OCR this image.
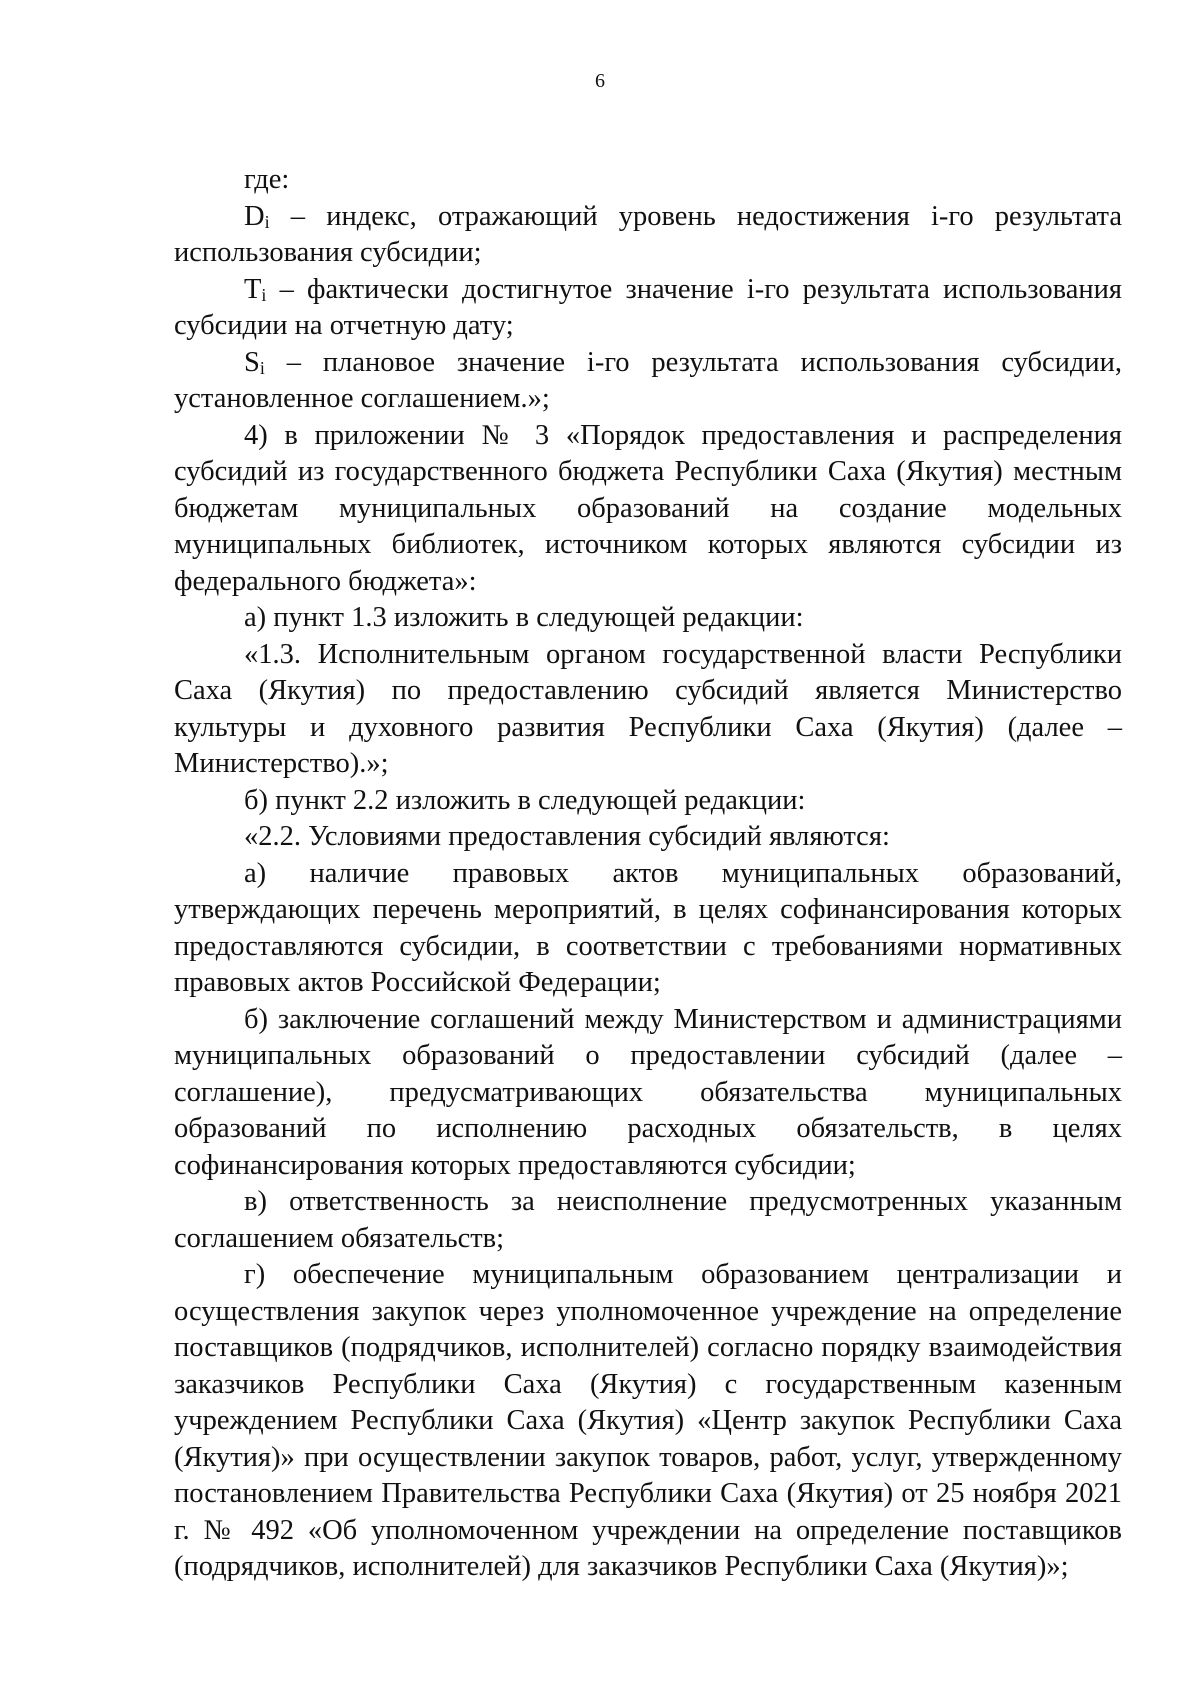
6

где:

Di – индекс, отражающий уровень недостижения i-го результата использования субсидии;

Ti – фактически достигнутое значение i-го результата использования субсидии на отчетную дату;

Si – плановое значение i-го результата использования субсидии, установленное соглашением.»;

4) в приложении № 3 «Порядок предоставления и распределения субсидий из государственного бюджета Республики Саха (Якутия) местным бюджетам муниципальных образований на создание модельных муниципальных библиотек, источником которых являются субсидии из федерального бюджета»:

а) пункт 1.3 изложить в следующей редакции:

«1.3. Исполнительным органом государственной власти Республики Саха (Якутия) по предоставлению субсидий является Министерство культуры и духовного развития Республики Саха (Якутия) (далее – Министерство).»;

б) пункт 2.2 изложить в следующей редакции:

«2.2. Условиями предоставления субсидий являются:

а) наличие правовых актов муниципальных образований, утверждающих перечень мероприятий, в целях софинансирования которых предоставляются субсидии, в соответствии с требованиями нормативных правовых актов Российской Федерации;

б) заключение соглашений между Министерством и администрациями муниципальных образований о предоставлении субсидий (далее – соглашение), предусматривающих обязательства муниципальных образований по исполнению расходных обязательств, в целях софинансирования которых предоставляются субсидии;

в) ответственность за неисполнение предусмотренных указанным соглашением обязательств;

г) обеспечение муниципальным образованием централизации и осуществления закупок через уполномоченное учреждение на определение поставщиков (подрядчиков, исполнителей) согласно порядку взаимодействия заказчиков Республики Саха (Якутия) с государственным казенным учреждением Республики Саха (Якутия) «Центр закупок Республики Саха (Якутия)» при осуществлении закупок товаров, работ, услуг, утвержденному постановлением Правительства Республики Саха (Якутия) от 25 ноября 2021 г. № 492 «Об уполномоченном учреждении на определение поставщиков (подрядчиков, исполнителей) для заказчиков Республики Саха (Якутия)»;
